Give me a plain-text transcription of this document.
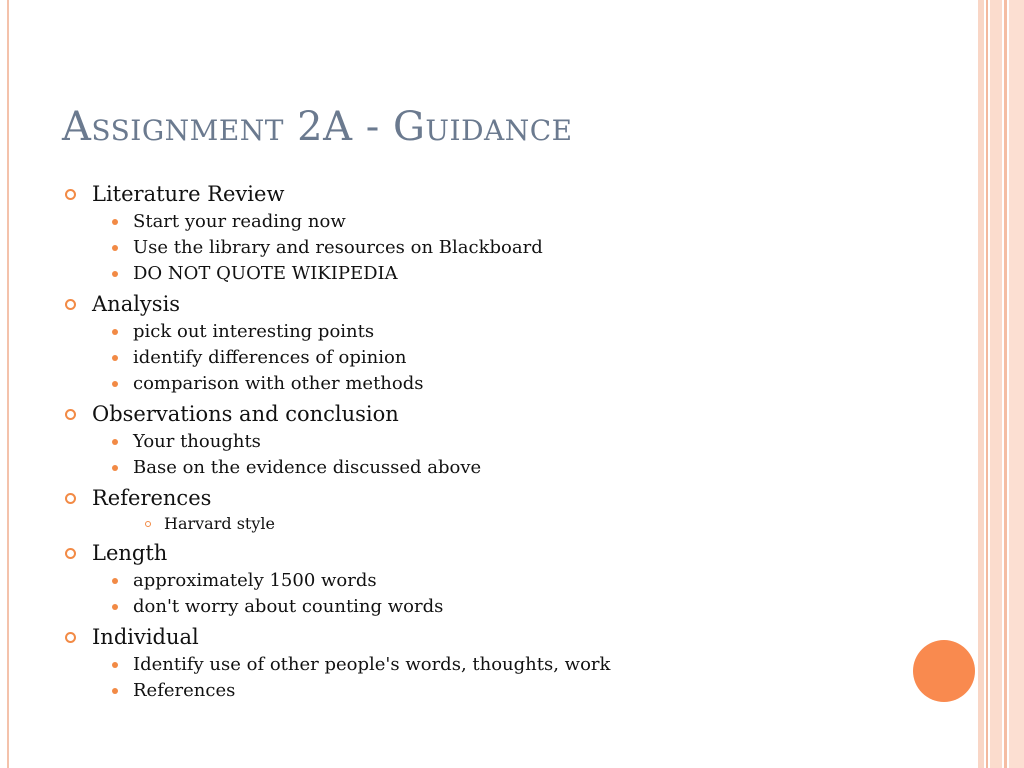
Assignment 2A - Guidance
Literature Review
Start your reading now
Use the library and resources on Blackboard
DO NOT QUOTE WIKIPEDIA
Analysis
pick out interesting points
identify differences of opinion
comparison with other methods
Observations and conclusion
Your thoughts
Base on the evidence discussed above
References
Harvard style
Length
approximately 1500 words
don't worry about counting words
Individual
Identify use of other people's words, thoughts, work
References
